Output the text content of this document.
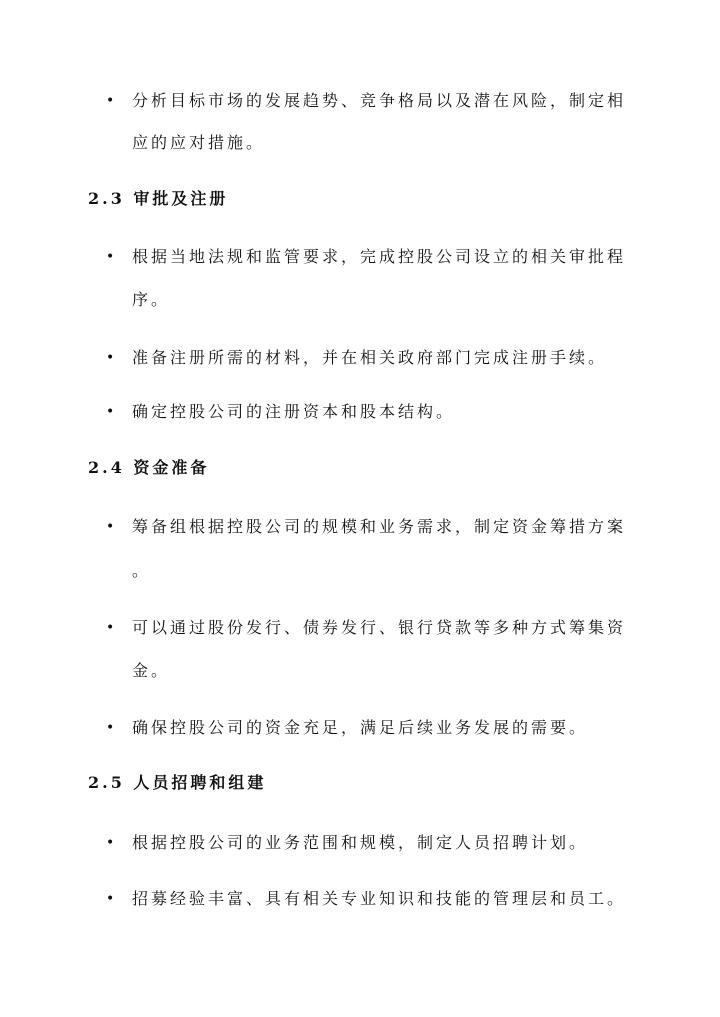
• 分析目标市场的发展趋势、竞争格局以及潜在风险，制定相
应的应对措施。
2.3 审批及注册
• 根据当地法规和监管要求，完成控股公司设立的相关审批程
序。
• 准备注册所需的材料，并在相关政府部门完成注册手续。
• 确定控股公司的注册资本和股本结构。
2.4 资金准备
• 筹备组根据控股公司的规模和业务需求，制定资金筹措方案
。
• 可以通过股份发行、债券发行、银行贷款等多种方式筹集资
金。
• 确保控股公司的资金充足，满足后续业务发展的需要。
2.5 人员招聘和组建
• 根据控股公司的业务范围和规模，制定人员招聘计划。
• 招募经验丰富、具有相关专业知识和技能的管理层和员工。
